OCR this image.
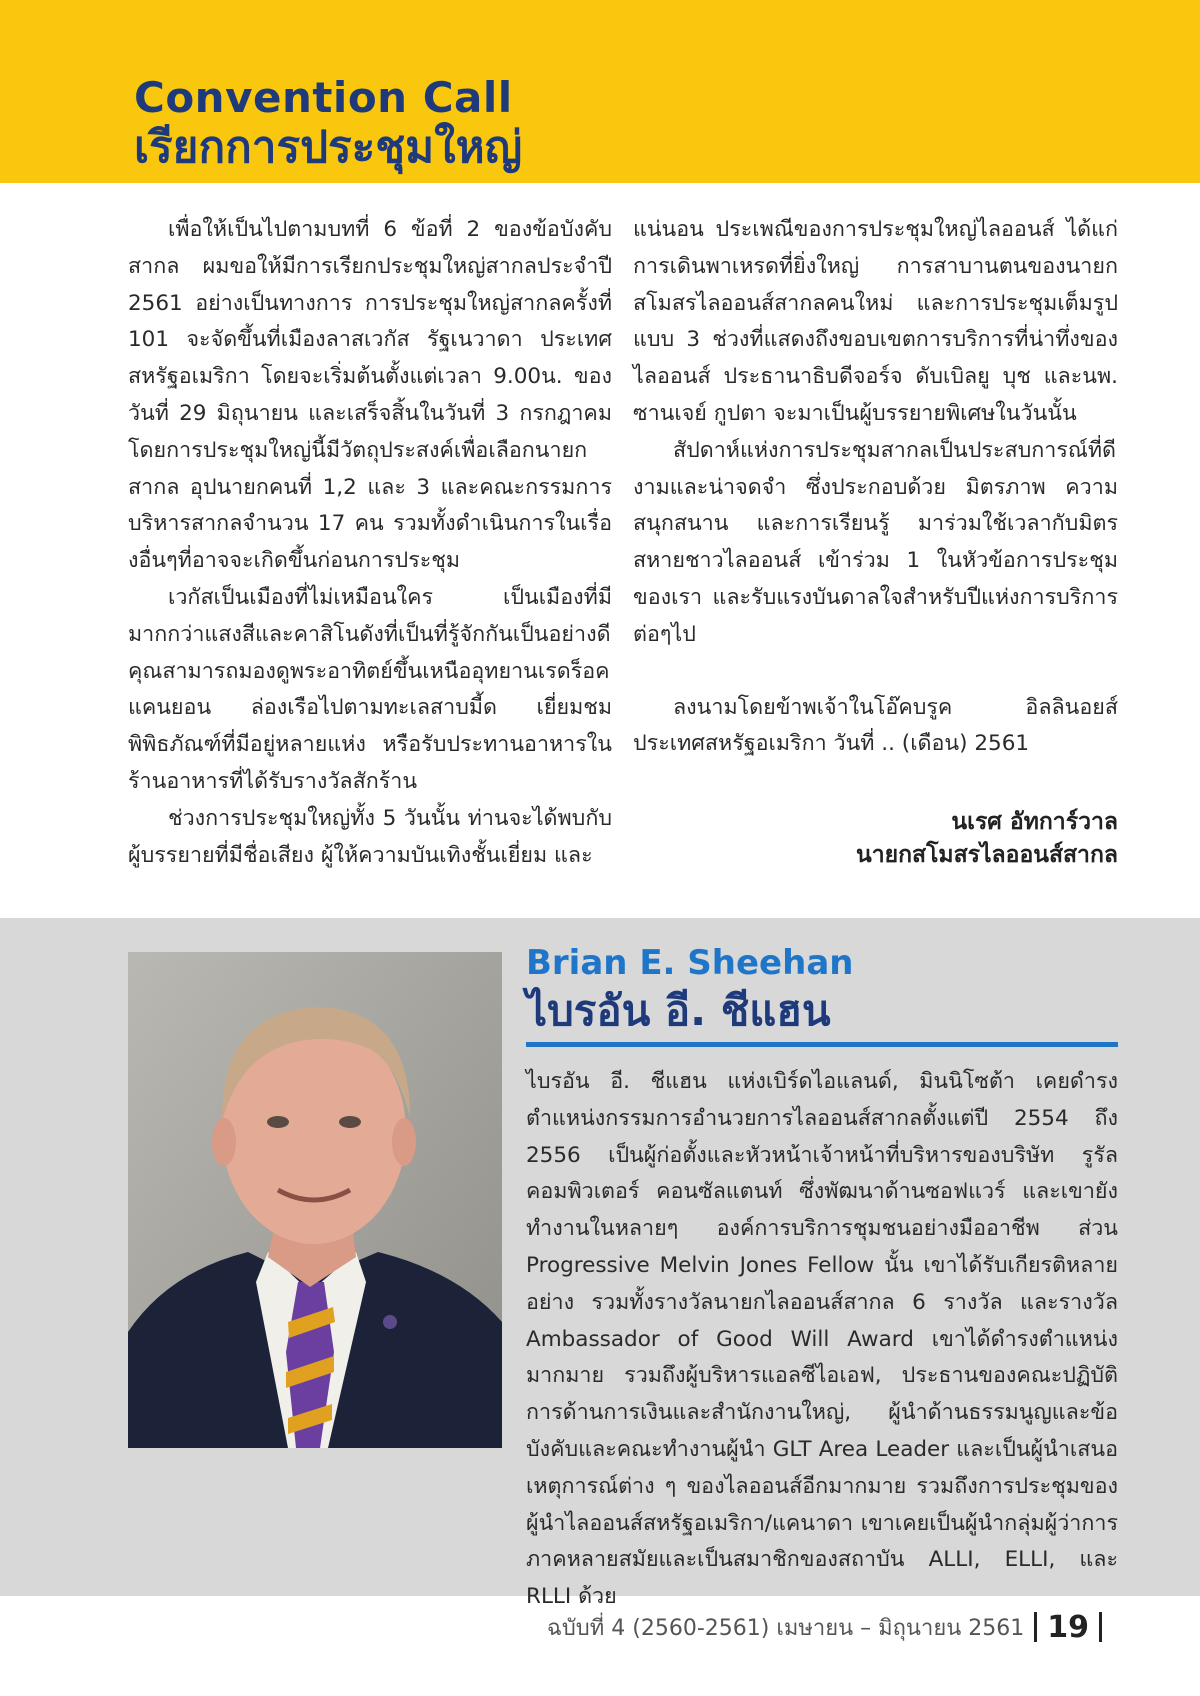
Convention Call
เรียกการประชุมใหญ่

เพื่อให้เป็นไปตามบทที่ 6 ข้อที่ 2 ของข้อบังคับสากล ผมขอให้มีการเรียกประชุมใหญ่สากลประจำปี 2561 อย่างเป็นทางการ การประชุมใหญ่สากลครั้งที่ 101 จะจัดขึ้นที่เมืองลาสเวกัส รัฐเนวาดา ประเทศสหรัฐอเมริกา โดยจะเริ่มต้นตั้งแต่เวลา 9.00น. ของวันที่ 29 มิถุนายน และเสร็จสิ้นในวันที่ 3 กรกฎาคม โดยการประชุมใหญ่นี้มีวัตถุประสงค์เพื่อเลือกนายกสากล อุปนายกคนที่ 1,2 และ 3 และคณะกรรมการบริหารสากลจำนวน 17 คน รวมทั้งดำเนินการในเรื่องอื่นๆที่อาจจะเกิดขึ้นก่อนการประชุม

เวกัสเป็นเมืองที่ไม่เหมือนใคร เป็นเมืองที่มีมากกว่าแสงสีและคาสิโนดังที่เป็นที่รู้จักกันเป็นอย่างดี คุณสามารถมองดูพระอาทิตย์ขึ้นเหนืออุทยานเรดร็อคแคนยอน ล่องเรือไปตามทะเลสาบมี้ด เยี่ยมชมพิพิธภัณฑ์ที่มีอยู่หลายแห่ง หรือรับประทานอาหารในร้านอาหารที่ได้รับรางวัลสักร้าน

ช่วงการประชุมใหญ่ทั้ง 5 วันนั้น ท่านจะได้พบกับผู้บรรยายที่มีชื่อเสียง ผู้ให้ความบันเทิงชั้นเยี่ยม และ

แน่นอน ประเพณีของการประชุมใหญ่ไลออนส์ ได้แก่ การเดินพาเหรดที่ยิ่งใหญ่ การสาบานตนของนายกสโมสรไลออนส์สากลคนใหม่ และการประชุมเต็มรูปแบบ 3 ช่วงที่แสดงถึงขอบเขตการบริการที่น่าทึ่งของไลออนส์ ประธานาธิบดีจอร์จ ดับเบิลยู บุช และนพ. ซานเจย์ กูปตา จะมาเป็นผู้บรรยายพิเศษในวันนั้น

สัปดาห์แห่งการประชุมสากลเป็นประสบการณ์ที่ดีงามและน่าจดจำ ซึ่งประกอบด้วย มิตรภาพ ความสนุกสนาน และการเรียนรู้ มาร่วมใช้เวลากับมิตรสหายชาวไลออนส์ เข้าร่วม 1 ในหัวข้อการประชุมของเรา และรับแรงบันดาลใจสำหรับปีแห่งการบริการต่อๆไป

ลงนามโดยข้าพเจ้าในโอ๊คบรูค อิลลินอยส์ ประเทศสหรัฐอเมริกา วันที่ .. (เดือน) 2561

นเรศ อัทการ์วาล
นายกสโมสรไลออนส์สากล
Brian E. Sheehan
ไบรอัน อี. ชีแฮน
ไบรอัน อี. ชีแฮน แห่งเบิร์ดไอแลนด์, มินนิโซต้า เคยดำรงตำแหน่งกรรมการอำนวยการไลออนส์สากลตั้งแต่ปี 2554 ถึง 2556 เป็นผู้ก่อตั้งและหัวหน้าเจ้าหน้าที่บริหารของบริษัท รูรัล คอมพิวเตอร์ คอนซัลแตนท์ ซึ่งพัฒนาด้านซอฟแวร์ และเขายังทำงานในหลายๆ องค์การบริการชุมชนอย่างมืออาชีพ ส่วน Progressive Melvin Jones Fellow นั้น เขาได้รับเกียรติหลายอย่าง รวมทั้งรางวัลนายกไลออนส์สากล 6 รางวัล และรางวัล Ambassador of Good Will Award เขาได้ดำรงตำแหน่งมากมาย รวมถึงผู้บริหารแอลซีไอเอฟ, ประธานของคณะปฏิบัติการด้านการเงินและสำนักงานใหญ่, ผู้นำด้านธรรมนูญและข้อบังคับและคณะทำงานผู้นำ GLT Area Leader และเป็นผู้นำเสนอเหตุการณ์ต่าง ๆ ของไลออนส์อีกมากมาย รวมถึงการประชุมของผู้นำไลออนส์สหรัฐอเมริกา/แคนาดา เขาเคยเป็นผู้นำกลุ่มผู้ว่าการภาคหลายสมัยและเป็นสมาชิกของสถาบัน ALLI, ELLI, และ RLLI ด้วย
ฉบับที่ 4 (2560-2561) เมษายน – มิถุนายน 2561 19
